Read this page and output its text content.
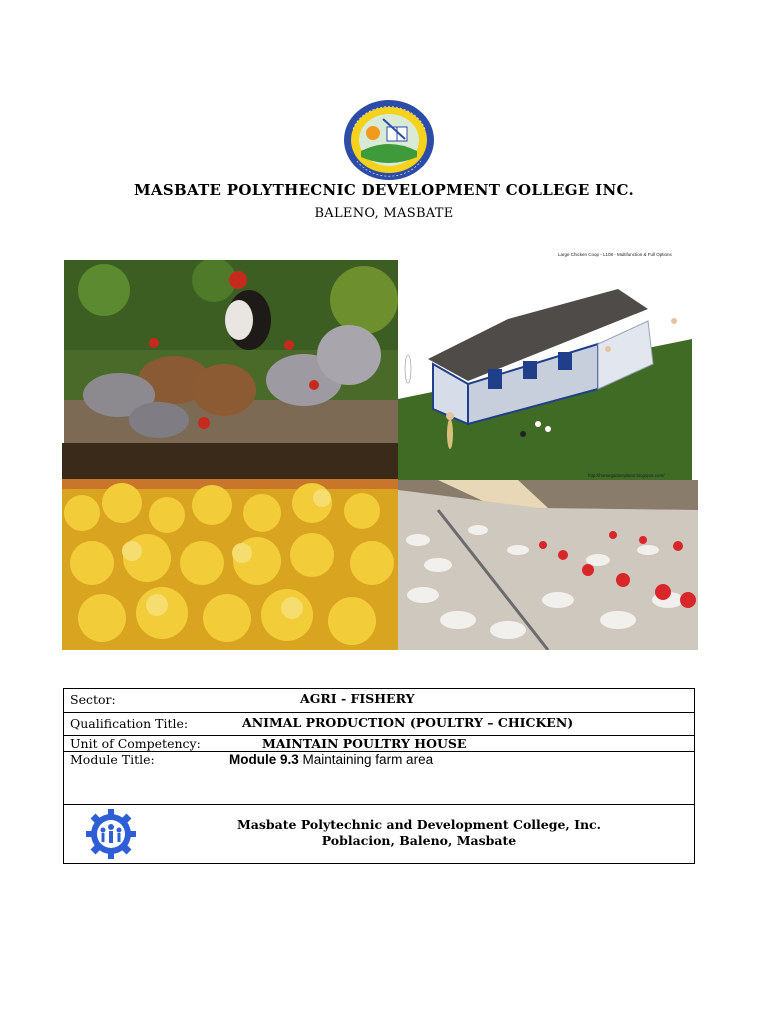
MASBATE POLYTHECNIC DEVELOPMENT COLLEGE INC.
BALENO, MASBATE
Large Chicken Coop - L108 - Multifunction & Full Options
http://homegardenplans.blogspot.com/
Sector:	AGRI - FISHERY
Qualification Title:	ANIMAL PRODUCTION (POULTRY – CHICKEN)
Unit of Competency:	MAINTAIN POULTRY HOUSE
Module Title:	Module 9.3 Maintaining farm area
Masbate Polytechnic and Development College, Inc.
Poblacion, Baleno, Masbate
